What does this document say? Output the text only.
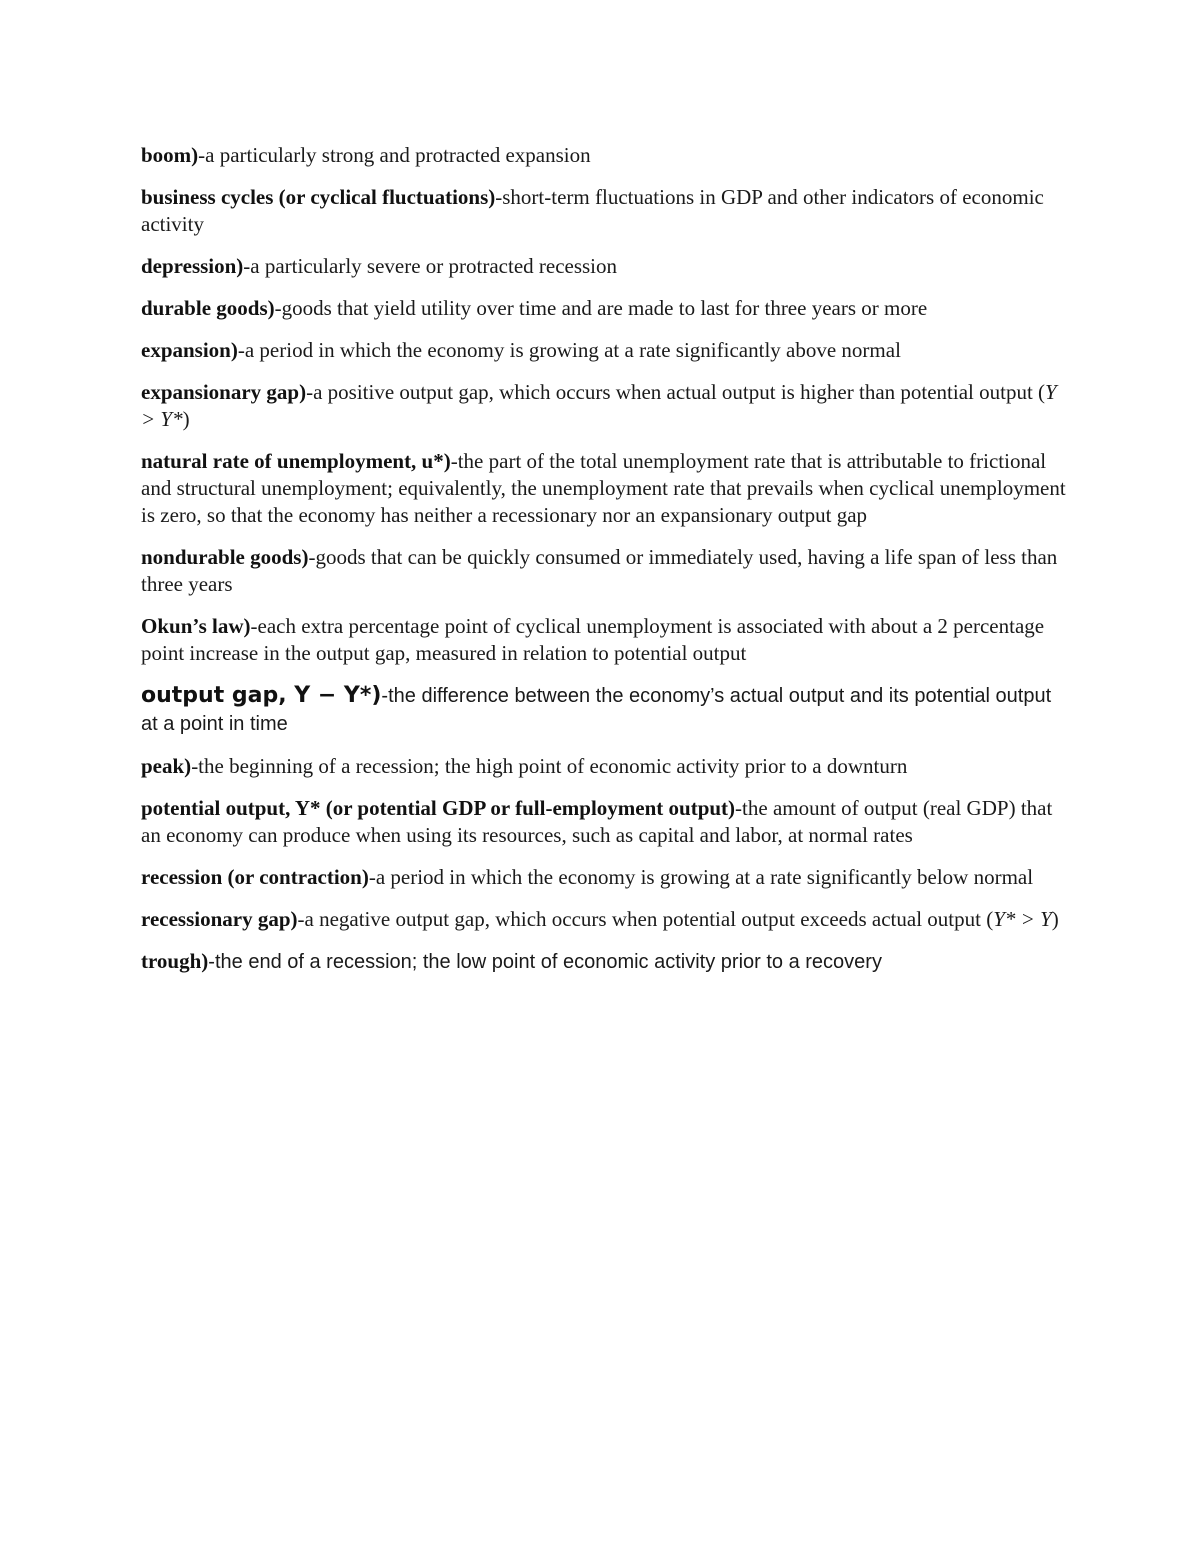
boom)-a particularly strong and protracted expansion

business cycles (or cyclical fluctuations)-short-term fluctuations in GDP and other indicators of economic activity

depression)-a particularly severe or protracted recession

durable goods)-goods that yield utility over time and are made to last for three years or more

expansion)-a period in which the economy is growing at a rate significantly above normal

expansionary gap)-a positive output gap, which occurs when actual output is higher than potential output (Y > Y*)

natural rate of unemployment, u*)-the part of the total unemployment rate that is attributable to frictional and structural unemployment; equivalently, the unemployment rate that prevails when cyclical unemployment is zero, so that the economy has neither a recessionary nor an expansionary output gap

nondurable goods)-goods that can be quickly consumed or immediately used, having a life span of less than three years

Okun’s law)-each extra percentage point of cyclical unemployment is associated with about a 2 percentage point increase in the output gap, measured in relation to potential output

output gap, Y − Y*)-the difference between the economy’s actual output and its potential output at a point in time

peak)-the beginning of a recession; the high point of economic activity prior to a downturn

potential output, Y* (or potential GDP or full-employment output)-the amount of output (real GDP) that an economy can produce when using its resources, such as capital and labor, at normal rates

recession (or contraction)-a period in which the economy is growing at a rate significantly below normal

recessionary gap)-a negative output gap, which occurs when potential output exceeds actual output (Y* > Y)

trough)-the end of a recession; the low point of economic activity prior to a recovery
